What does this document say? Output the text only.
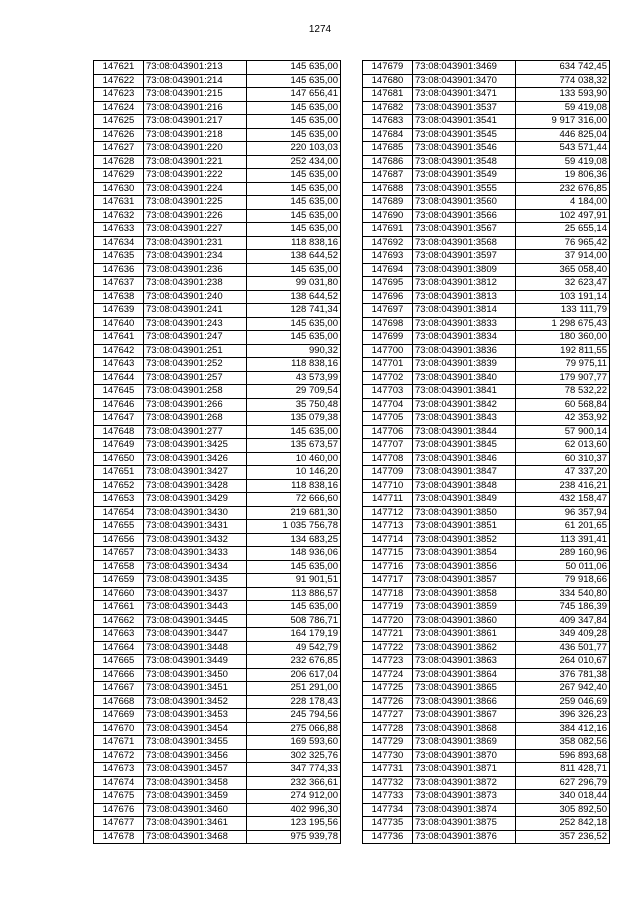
1274
147621	73:08:043901:213	145 635,00
147622	73:08:043901:214	145 635,00
147623	73:08:043901:215	147 656,41
147624	73:08:043901:216	145 635,00
147625	73:08:043901:217	145 635,00
147626	73:08:043901:218	145 635,00
147627	73:08:043901:220	220 103,03
147628	73:08:043901:221	252 434,00
147629	73:08:043901:222	145 635,00
147630	73:08:043901:224	145 635,00
147631	73:08:043901:225	145 635,00
147632	73:08:043901:226	145 635,00
147633	73:08:043901:227	145 635,00
147634	73:08:043901:231	118 838,16
147635	73:08:043901:234	138 644,52
147636	73:08:043901:236	145 635,00
147637	73:08:043901:238	99 031,80
147638	73:08:043901:240	138 644,52
147639	73:08:043901:241	128 741,34
147640	73:08:043901:243	145 635,00
147641	73:08:043901:247	145 635,00
147642	73:08:043901:251	990,32
147643	73:08:043901:252	118 838,16
147644	73:08:043901:257	43 573,99
147645	73:08:043901:258	29 709,54
147646	73:08:043901:266	35 750,48
147647	73:08:043901:268	135 079,38
147648	73:08:043901:277	145 635,00
147649	73:08:043901:3425	135 673,57
147650	73:08:043901:3426	10 460,00
147651	73:08:043901:3427	10 146,20
147652	73:08:043901:3428	118 838,16
147653	73:08:043901:3429	72 666,60
147654	73:08:043901:3430	219 681,30
147655	73:08:043901:3431	1 035 756,78
147656	73:08:043901:3432	134 683,25
147657	73:08:043901:3433	148 936,06
147658	73:08:043901:3434	145 635,00
147659	73:08:043901:3435	91 901,51
147660	73:08:043901:3437	113 886,57
147661	73:08:043901:3443	145 635,00
147662	73:08:043901:3445	508 786,71
147663	73:08:043901:3447	164 179,19
147664	73:08:043901:3448	49 542,79
147665	73:08:043901:3449	232 676,85
147666	73:08:043901:3450	206 617,04
147667	73:08:043901:3451	251 291,00
147668	73:08:043901:3452	228 178,43
147669	73:08:043901:3453	245 794,56
147670	73:08:043901:3454	275 066,88
147671	73:08:043901:3455	169 593,60
147672	73:08:043901:3456	302 325,76
147673	73:08:043901:3457	347 774,33
147674	73:08:043901:3458	232 366,61
147675	73:08:043901:3459	274 912,00
147676	73:08:043901:3460	402 996,30
147677	73:08:043901:3461	123 195,56
147678	73:08:043901:3468	975 939,78
147679	73:08:043901:3469	634 742,45
147680	73:08:043901:3470	774 038,32
147681	73:08:043901:3471	133 593,90
147682	73:08:043901:3537	59 419,08
147683	73:08:043901:3541	9 917 316,00
147684	73:08:043901:3545	446 825,04
147685	73:08:043901:3546	543 571,44
147686	73:08:043901:3548	59 419,08
147687	73:08:043901:3549	19 806,36
147688	73:08:043901:3555	232 676,85
147689	73:08:043901:3560	4 184,00
147690	73:08:043901:3566	102 497,91
147691	73:08:043901:3567	25 655,14
147692	73:08:043901:3568	76 965,42
147693	73:08:043901:3597	37 914,00
147694	73:08:043901:3809	365 058,40
147695	73:08:043901:3812	32 623,47
147696	73:08:043901:3813	103 191,14
147697	73:08:043901:3814	133 111,79
147698	73:08:043901:3833	1 298 675,43
147699	73:08:043901:3834	180 360,00
147700	73:08:043901:3836	192 811,55
147701	73:08:043901:3839	79 975,11
147702	73:08:043901:3840	179 907,77
147703	73:08:043901:3841	78 532,22
147704	73:08:043901:3842	60 568,84
147705	73:08:043901:3843	42 353,92
147706	73:08:043901:3844	57 900,14
147707	73:08:043901:3845	62 013,60
147708	73:08:043901:3846	60 310,37
147709	73:08:043901:3847	47 337,20
147710	73:08:043901:3848	238 416,21
147711	73:08:043901:3849	432 158,47
147712	73:08:043901:3850	96 357,94
147713	73:08:043901:3851	61 201,65
147714	73:08:043901:3852	113 391,41
147715	73:08:043901:3854	289 160,96
147716	73:08:043901:3856	50 011,06
147717	73:08:043901:3857	79 918,66
147718	73:08:043901:3858	334 540,80
147719	73:08:043901:3859	745 186,39
147720	73:08:043901:3860	409 347,84
147721	73:08:043901:3861	349 409,28
147722	73:08:043901:3862	436 501,77
147723	73:08:043901:3863	264 010,67
147724	73:08:043901:3864	376 781,38
147725	73:08:043901:3865	267 942,40
147726	73:08:043901:3866	259 046,69
147727	73:08:043901:3867	396 326,23
147728	73:08:043901:3868	384 412,16
147729	73:08:043901:3869	358 082,56
147730	73:08:043901:3870	596 893,68
147731	73:08:043901:3871	811 428,71
147732	73:08:043901:3872	627 296,79
147733	73:08:043901:3873	340 018,44
147734	73:08:043901:3874	305 892,50
147735	73:08:043901:3875	252 842,18
147736	73:08:043901:3876	357 236,52
